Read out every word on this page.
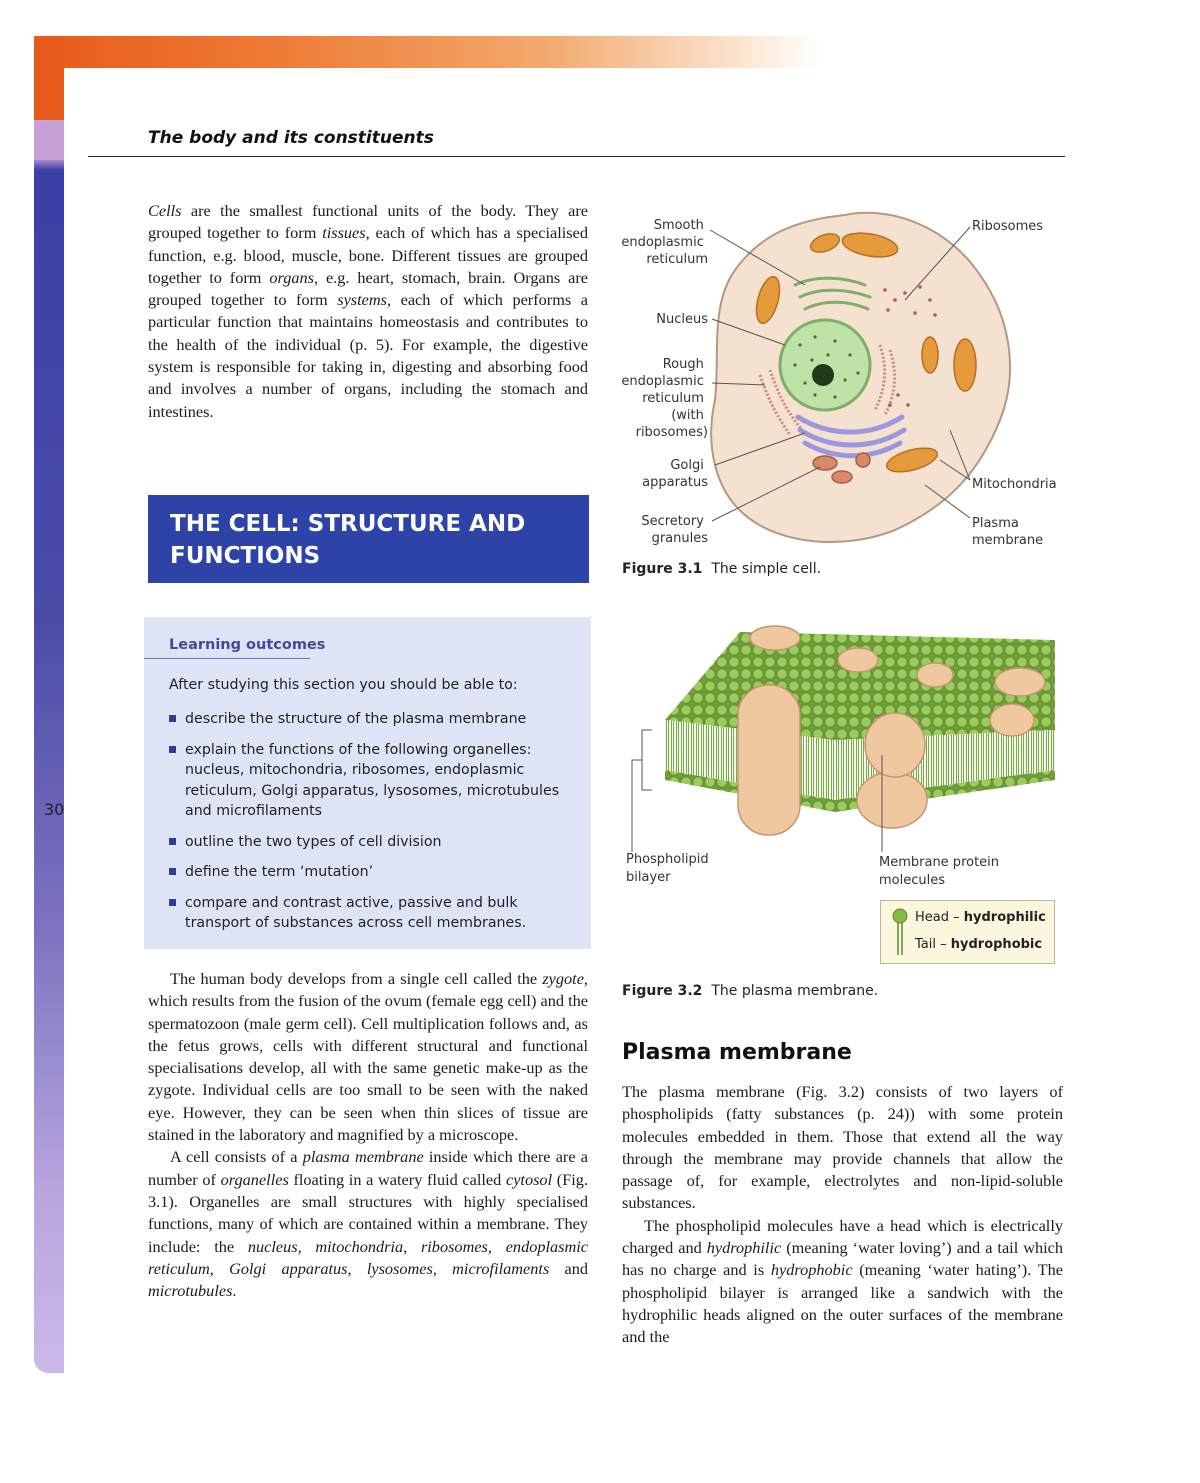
The body and its constituents
30

Cells are the smallest functional units of the body. They are grouped together to form tissues, each of which has a specialised function, e.g. blood, muscle, bone. Different tissues are grouped together to form organs, e.g. heart, stomach, brain. Organs are grouped together to form systems, each of which performs a particular function that maintains homeostasis and contributes to the health of the individual (p. 5). For example, the digestive system is responsible for taking in, digesting and absorbing food and involves a number of organs, including the stomach and intestines.

THE CELL: STRUCTURE AND FUNCTIONS
Learning outcomes
After studying this section you should be able to:
describe the structure of the plasma membrane
explain the functions of the following organelles: nucleus, mitochondria, ribosomes, endoplasmic reticulum, Golgi apparatus, lysosomes, microtubules and microfilaments
outline the two types of cell division
define the term ‘mutation’
compare and contrast active, passive and bulk transport of substances across cell membranes.

The human body develops from a single cell called the zygote, which results from the fusion of the ovum (female egg cell) and the spermatozoon (male germ cell). Cell multiplication follows and, as the fetus grows, cells with different structural and functional specialisations develop, all with the same genetic make-up as the zygote. Individual cells are too small to be seen with the naked eye. However, they can be seen when thin slices of tissue are stained in the laboratory and magnified by a microscope.

A cell consists of a plasma membrane inside which there are a number of organelles floating in a watery fluid called cytosol (Fig. 3.1). Organelles are small structures with highly specialised functions, many of which are contained within a membrane. They include: the nucleus, mitochondria, ribosomes, endoplasmic reticulum, Golgi apparatus, lysosomes, microfilaments and microtubules.

Smooth endoplasmic reticulum
Nucleus
Rough endoplasmic reticulum (with ribosomes)
Golgi apparatus
Secretory granules
Ribosomes
Mitochondria
Plasma membrane
Figure 3.1 The simple cell.
Phospholipid bilayer
Membrane protein molecules
Head – hydrophilic
Tail – hydrophobic
Figure 3.2 The plasma membrane.
Plasma membrane

The plasma membrane (Fig. 3.2) consists of two layers of phospholipids (fatty substances (p. 24)) with some protein molecules embedded in them. Those that extend all the way through the membrane may provide channels that allow the passage of, for example, electrolytes and non-lipid-soluble substances.

The phospholipid molecules have a head which is electrically charged and hydrophilic (meaning ‘water loving’) and a tail which has no charge and is hydrophobic (meaning ‘water hating’). The phospholipid bilayer is arranged like a sandwich with the hydrophilic heads aligned on the outer surfaces of the membrane and the
